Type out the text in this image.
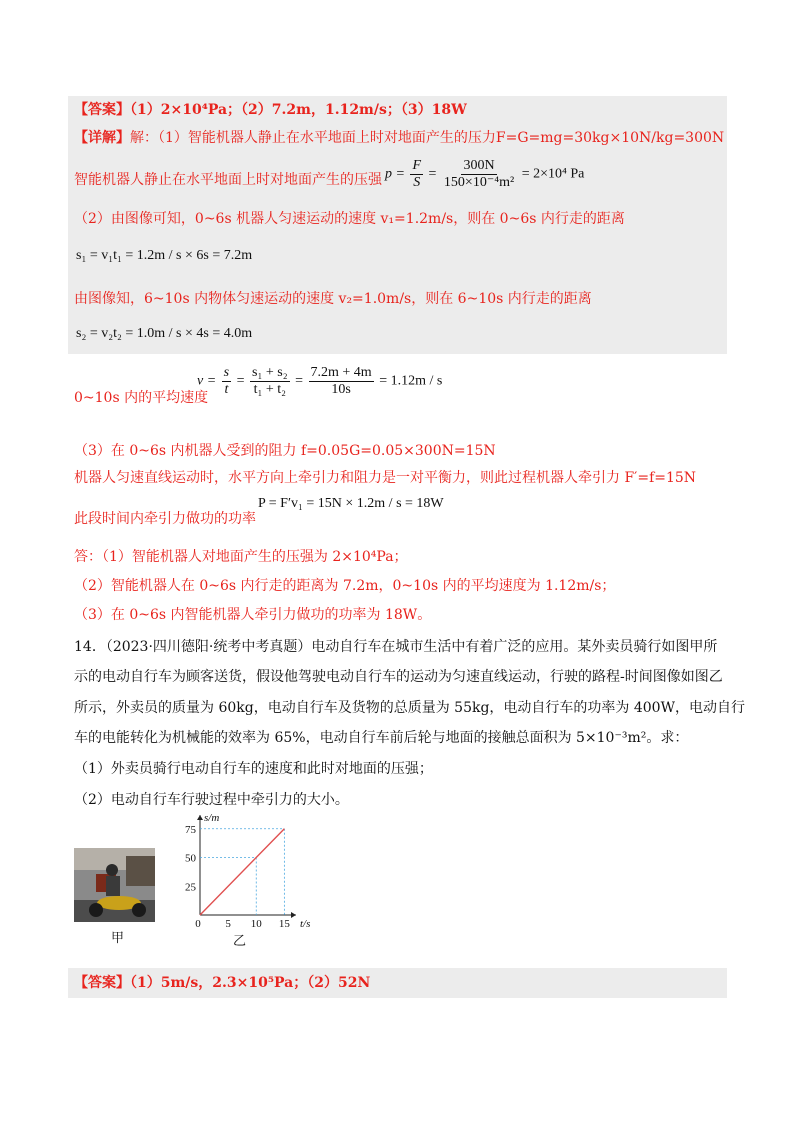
【答案】（1）2×10⁴Pa；（2）7.2m，1.12m/s；（3）18W
【详解】解：（1）智能机器人静止在水平地面上时对地面产生的压力F=G=mg=30kg×10N/kg=300N
智能机器人静止在水平地面上时对地面产生的压强 $p = \frac{F}{S} = \frac{300N}{\text{150×10⁻⁴m²}} = 2\times 10^4$ Pa
（2）由图像可知，0~6s 机器人匀速运动的速度 v₁=1.2m/s，则在 0~6s 内行走的距离
s₁ = v₁t₁ = 1.2m / s × 6s = 7.2m
由图像知，6~10s 内物体匀速运动的速度 v₂=1.0m/s，则在 6~10s 内行走的距离
s₂ = v₂t₂ = 1.0m / s × 4s = 4.0m
0~10s 内的平均速度
$v = \frac{s}{t} = \frac{\text{s₁ + s₂}}{\text{t₁ + t₂}} = \frac{7.2m + 4m}{10s} = 1.12m / s$
（3）在 0~6s 内机器人受到的阻力 f=0.05G=0.05×300N=15N
机器人匀速直线运动时，水平方向上牵引力和阻力是一对平衡力，则此过程机器人牵引力 F′=f=15N
P = F′v₁ = 15N × 1.2m / s = 18W
此段时间内牵引力做功的功率
答：（1）智能机器人对地面产生的压强为 2×10⁴Pa；
（2）智能机器人在 0~6s 内行走的距离为 7.2m，0~10s 内的平均速度为 1.12m/s；
（3）在 0~6s 内智能机器人牵引力做功的功率为 18W。
14．（2023·四川德阳·统考中考真题）电动自行车在城市生活中有着广泛的应用。某外卖员骑行如图甲所
示的电动自行车为顾客送货，假设他驾驶电动自行车的运动为匀速直线运动，行驶的路程-时间图像如图乙
所示，外卖员的质量为 60kg，电动自行车及货物的总质量为 55kg，电动自行车的功率为 400W，电动自行
车的电能转化为机械能的效率为 65%，电动自行车前后轮与地面的接触总面积为 5×10⁻³m²。求：
（1）外卖员骑行电动自行车的速度和此时对地面的压强；
（2）电动自行车行驶过程中牵引力的大小。
甲
0 5 10 15
25
50
75
s/m
t/s
乙
【答案】（1）5m/s，2.3×10⁵Pa；（2）52N
